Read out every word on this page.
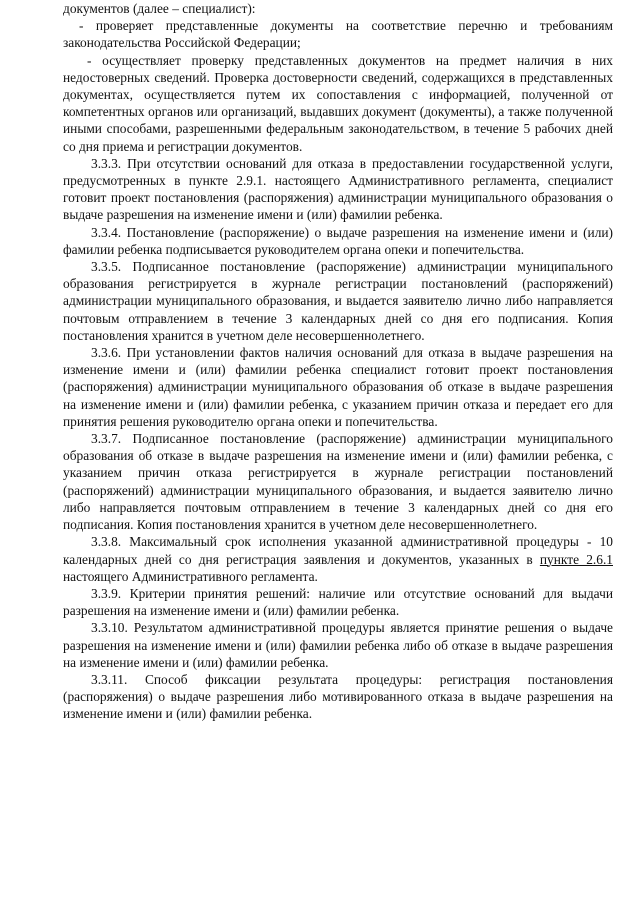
документов (далее – специалист):

- проверяет представленные документы на соответствие перечню и требованиям законодательства Российской Федерации;

- осуществляет проверку представленных документов на предмет наличия в них недостоверных сведений. Проверка достоверности сведений, содержащихся в представленных документах, осуществляется путем их сопоставления с информацией, полученной от компетентных органов или организаций, выдавших документ (документы), а также полученной иными способами, разрешенными федеральным законодательством, в течение 5 рабочих дней со дня приема и регистрации документов.

3.3.3. При отсутствии оснований для отказа в предоставлении государственной услуги, предусмотренных в пункте 2.9.1. настоящего Административного регламента, специалист готовит проект постановления (распоряжения) администрации муниципального образования о выдаче разрешения на изменение имени и (или) фамилии ребенка.

3.3.4. Постановление (распоряжение) о выдаче разрешения на изменение имени и (или) фамилии ребенка подписывается руководителем органа опеки и попечительства.

3.3.5. Подписанное постановление (распоряжение) администрации муниципального образования регистрируется в журнале регистрации постановлений (распоряжений) администрации муниципального образования, и выдается заявителю лично либо направляется почтовым отправлением в течение 3 календарных дней со дня его подписания. Копия постановления хранится в учетном деле несовершеннолетнего.

3.3.6. При установлении фактов наличия оснований для отказа в выдаче разрешения на изменение имени и (или) фамилии ребенка специалист готовит проект постановления (распоряжения) администрации муниципального образования об отказе в выдаче разрешения на изменение имени и (или) фамилии ребенка, с указанием причин отказа и передает его для принятия решения руководителю органа опеки и попечительства.

3.3.7. Подписанное постановление (распоряжение) администрации муниципального образования об отказе в выдаче разрешения на изменение имени и (или) фамилии ребенка, с указанием причин отказа регистрируется в журнале регистрации постановлений (распоряжений) администрации муниципального образования, и выдается заявителю лично либо направляется почтовым отправлением в течение 3 календарных дней со дня его подписания. Копия постановления хранится в учетном деле несовершеннолетнего.

3.3.8. Максимальный срок исполнения указанной административной процедуры - 10 календарных дней со дня регистрация заявления и документов, указанных в пункте 2.6.1 настоящего Административного регламента.

3.3.9. Критерии принятия решений: наличие или отсутствие оснований для выдачи разрешения на изменение имени и (или) фамилии ребенка.

3.3.10. Результатом административной процедуры является принятие решения о выдаче разрешения на изменение имени и (или) фамилии ребенка либо об отказе в выдаче разрешения на изменение имени и (или) фамилии ребенка.

3.3.11. Способ фиксации результата процедуры: регистрация постановления (распоряжения) о выдаче разрешения либо мотивированного отказа в выдаче разрешения на изменение имени и (или) фамилии ребенка.
